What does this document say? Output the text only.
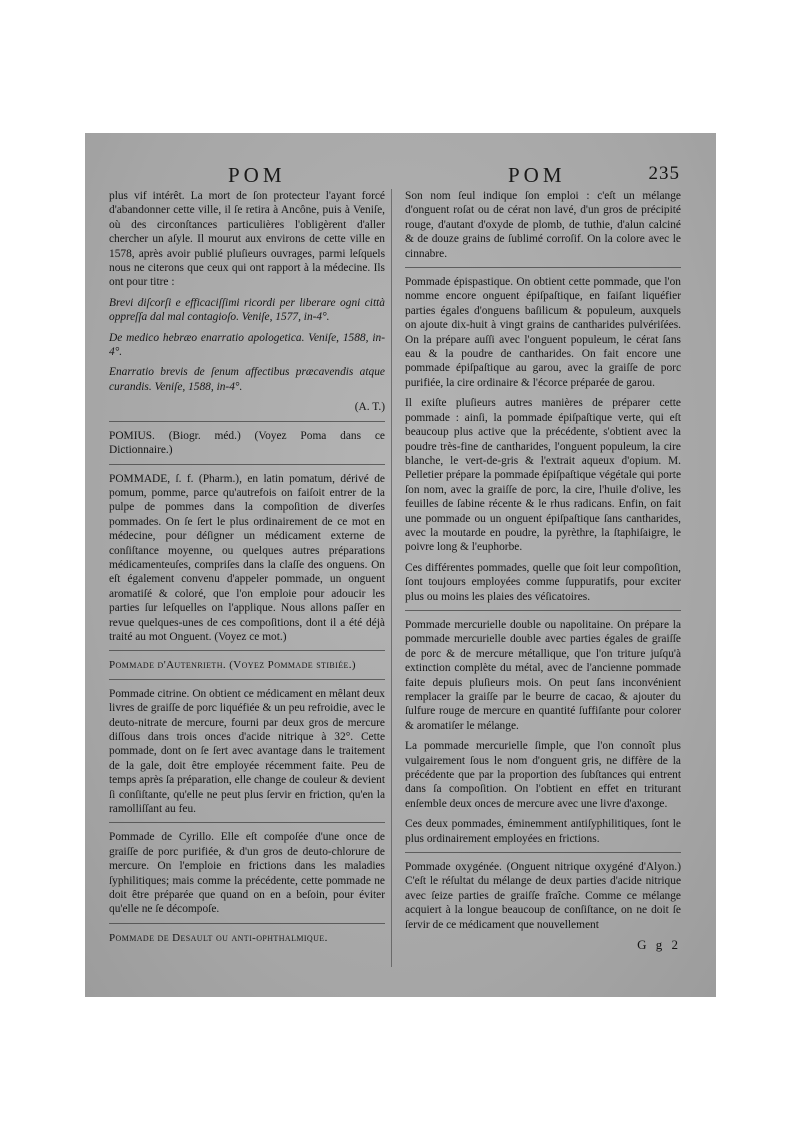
POM	POM	235

plus vif intérêt. La mort de ſon protecteur l'ayant forcé d'abandonner cette ville, il ſe retira à Ancône, puis à Veniſe, où des circonſtances particulières l'obligèrent d'aller chercher un aſyle. Il mourut aux environs de cette ville en 1578, après avoir publié pluſieurs ouvrages, parmi leſquels nous ne citerons que ceux qui ont rapport à la médecine. Ils ont pour titre :

Brevi diſcorſi e efficaciſſimi ricordi per liberare ogni città oppreſſa dal mal contagioſo. Veniſe, 1577, in-4°.

De medico hebræo enarratio apologetica. Veniſe, 1588, in-4°.

Enarratio brevis de ſenum affectibus præcavendis atque curandis. Veniſe, 1588, in-4°.

(A. T.)

POMIUS. (Biogr. méd.) (Voyez Poma dans ce Dictionnaire.)

POMMADE, ſ. f. (Pharm.), en latin pomatum, dérivé de pomum, pomme, parce qu'autrefois on faiſoit entrer de la pulpe de pommes dans la compoſition de diverſes pommades. On ſe ſert le plus ordinairement de ce mot en médecine, pour déſigner un médicament externe de conſiſtance moyenne, ou quelques autres préparations médicamenteuſes, compriſes dans la claſſe des onguens. On eſt également convenu d'appeler pommade, un onguent aromatiſé & coloré, que l'on emploie pour adoucir les parties ſur leſquelles on l'applique. Nous allons paſſer en revue quelques-unes de ces compoſitions, dont il a été déjà traité au mot Onguent. (Voyez ce mot.)

Pommade d'Autenrieth. (Voyez Pommade stibiée.)

Pommade citrine. On obtient ce médicament en mêlant deux livres de graiſſe de porc liquéfiée & un peu refroidie, avec le deuto-nitrate de mercure, fourni par deux gros de mercure diſſous dans trois onces d'acide nitrique à 32°. Cette pommade, dont on ſe ſert avec avantage dans le traitement de la gale, doit être employée récemment faite. Peu de temps après ſa préparation, elle change de couleur & devient ſi conſiſtante, qu'elle ne peut plus ſervir en friction, qu'en la ramolliſſant au feu.

Pommade de Cyrillo. Elle eſt compoſée d'une once de graiſſe de porc purifiée, & d'un gros de deuto-chlorure de mercure. On l'emploie en frictions dans les maladies ſyphilitiques; mais comme la précédente, cette pommade ne doit être préparée que quand on en a beſoin, pour éviter qu'elle ne ſe décompoſe.

Pommade de Desault ou anti-ophthalmique.

Son nom ſeul indique ſon emploi : c'eſt un mélange d'onguent roſat ou de cérat non lavé, d'un gros de précipité rouge, d'autant d'oxyde de plomb, de tuthie, d'alun calciné & de douze grains de ſublimé corroſif. On la colore avec le cinnabre.

Pommade épispastique. On obtient cette pommade, que l'on nomme encore onguent épiſpaſtique, en faiſant liquéfier parties égales d'onguens baſilicum & populeum, auxquels on ajoute dix-huit à vingt grains de cantharides pulvériſées. On la prépare auſſi avec l'onguent populeum, le cérat ſans eau & la poudre de cantharides. On fait encore une pommade épiſpaſtique au garou, avec la graiſſe de porc purifiée, la cire ordinaire & l'écorce préparée de garou.

Il exiſte pluſieurs autres manières de préparer cette pommade : ainſi, la pommade épiſpaſtique verte, qui eſt beaucoup plus active que la précédente, s'obtient avec la poudre très-fine de cantharides, l'onguent populeum, la cire blanche, le vert-de-gris & l'extrait aqueux d'opium. M. Pelletier prépare la pommade épiſpaſtique végétale qui porte ſon nom, avec la graiſſe de porc, la cire, l'huile d'olive, les feuilles de ſabine récente & le rhus radicans. Enfin, on fait une pommade ou un onguent épiſpaſtique ſans cantharides, avec la moutarde en poudre, la pyrèthre, la ſtaphiſaigre, le poivre long & l'euphorbe.

Ces différentes pommades, quelle que ſoit leur compoſition, ſont toujours employées comme ſuppuratifs, pour exciter plus ou moins les plaies des véſicatoires.

Pommade mercurielle double ou napolitaine. On prépare la pommade mercurielle double avec parties égales de graiſſe de porc & de mercure métallique, que l'on triture juſqu'à extinction complète du métal, avec de l'ancienne pommade faite depuis pluſieurs mois. On peut ſans inconvénient remplacer la graiſſe par le beurre de cacao, & ajouter du ſulfure rouge de mercure en quantité ſuffiſante pour colorer & aromatiſer le mélange.

La pommade mercurielle ſimple, que l'on connoît plus vulgairement ſous le nom d'onguent gris, ne diffère de la précédente que par la proportion des ſubſtances qui entrent dans ſa compoſition. On l'obtient en effet en triturant enſemble deux onces de mercure avec une livre d'axonge.

Ces deux pommades, éminemment antiſyphilitiques, ſont le plus ordinairement employées en frictions.

Pommade oxygénée. (Onguent nitrique oxygéné d'Alyon.) C'eſt le réſultat du mélange de deux parties d'acide nitrique avec ſeize parties de graiſſe fraîche. Comme ce mélange acquiert à la longue beaucoup de conſiſtance, on ne doit ſe ſervir de ce médicament que nouvellement

G g 2
